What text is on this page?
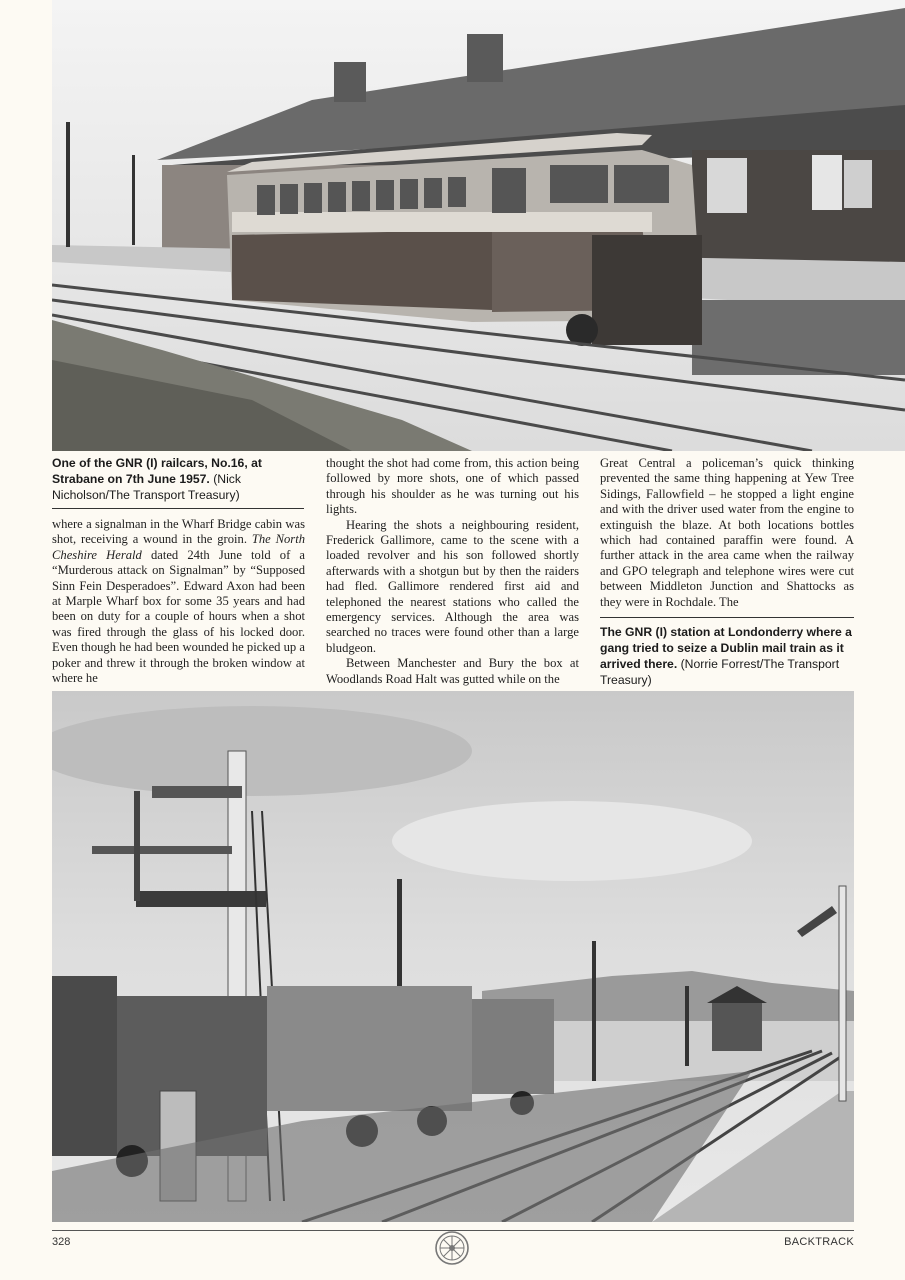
One of the GNR (I) railcars, No.16, at Strabane on 7th June 1957. (Nick Nicholson/The Transport Treasury)

where a signalman in the Wharf Bridge cabin was shot, receiving a wound in the groin. The North Cheshire Herald dated 24th June told of a “Murderous attack on Signalman” by “Supposed Sinn Fein Desperadoes”. Edward Axon had been at Marple Wharf box for some 35 years and had been on duty for a couple of hours when a shot was fired through the glass of his locked door. Even though he had been wounded he picked up a poker and threw it through the broken window at where he

thought the shot had come from, this action being followed by more shots, one of which passed through his shoulder as he was turning out his lights.

Hearing the shots a neighbouring resident, Frederick Gallimore, came to the scene with a loaded revolver and his son followed shortly afterwards with a shotgun but by then the raiders had fled. Gallimore rendered first aid and telephoned the nearest stations who called the emergency services. Although the area was searched no traces were found other than a large bludgeon.

Between Manchester and Bury the box at Woodlands Road Halt was gutted while on the

Great Central a policeman’s quick thinking prevented the same thing happening at Yew Tree Sidings, Fallowfield – he stopped a light engine and with the driver used water from the engine to extinguish the blaze. At both locations bottles which had contained paraffin were found. A further attack in the area came when the railway and GPO telegraph and telephone wires were cut between Middleton Junction and Shattocks as they were in Rochdale. The

The GNR (I) station at Londonderry where a gang tried to seize a Dublin mail train as it arrived there. (Norrie Forrest/The Transport Treasury)
328	BACKTRACK
